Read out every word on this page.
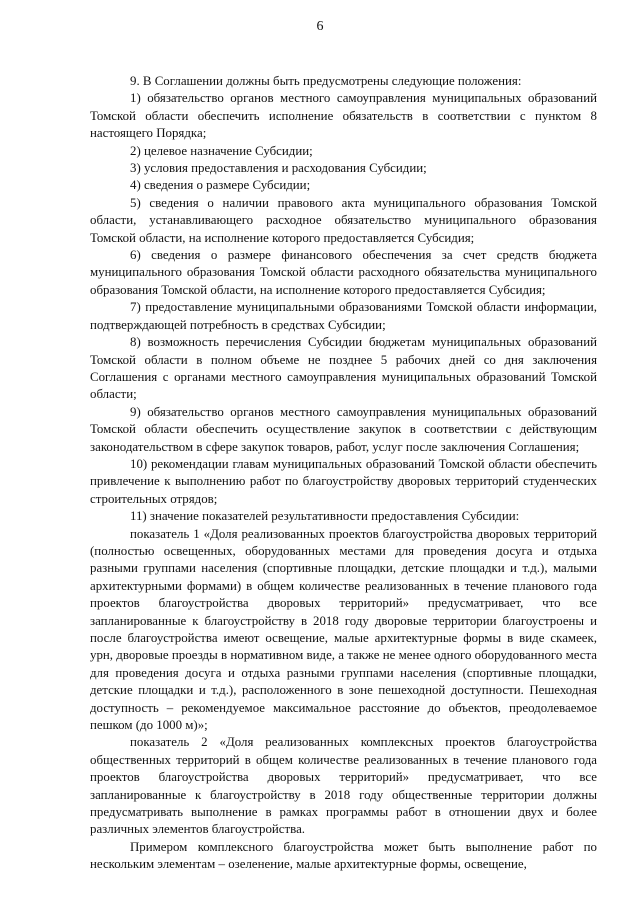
6

9. В Соглашении должны быть предусмотрены следующие положения:

1) обязательство органов местного самоуправления муниципальных образований Томской области обеспечить исполнение обязательств в соответствии с пунктом 8 настоящего Порядка;

2) целевое назначение Субсидии;

3) условия предоставления и расходования Субсидии;

4) сведения о размере Субсидии;

5) сведения о наличии правового акта муниципального образования Томской области, устанавливающего расходное обязательство муниципального образования Томской области, на исполнение которого предоставляется Субсидия;

6) сведения о размере финансового обеспечения за счет средств бюджета муниципального образования Томской области расходного обязательства муниципального образования Томской области, на исполнение которого предоставляется Субсидия;

7) предоставление муниципальными образованиями Томской области информации, подтверждающей потребность в средствах Субсидии;

8) возможность перечисления Субсидии бюджетам муниципальных образований Томской области в полном объеме не позднее 5 рабочих дней со дня заключения Соглашения с органами местного самоуправления муниципальных образований Томской области;

9) обязательство органов местного самоуправления муниципальных образований Томской области обеспечить осуществление закупок в соответствии с действующим законодательством в сфере закупок товаров, работ, услуг после заключения Соглашения;

10) рекомендации главам муниципальных образований Томской области обеспечить привлечение к выполнению работ по благоустройству дворовых территорий студенческих строительных отрядов;

11) значение показателей результативности предоставления Субсидии:

показатель 1 «Доля реализованных проектов благоустройства дворовых территорий (полностью освещенных, оборудованных местами для проведения досуга и отдыха разными группами населения (спортивные площадки, детские площадки и т.д.), малыми архитектурными формами) в общем количестве реализованных в течение планового года проектов благоустройства дворовых территорий» предусматривает, что все запланированные к благоустройству в 2018 году дворовые территории благоустроены и после благоустройства имеют освещение, малые архитектурные формы в виде скамеек, урн, дворовые проезды в нормативном виде, а также не менее одного оборудованного места для проведения досуга и отдыха разными группами населения (спортивные площадки, детские площадки и т.д.), расположенного в зоне пешеходной доступности. Пешеходная доступность – рекомендуемое максимальное расстояние до объектов, преодолеваемое пешком (до 1000 м)»;

показатель 2 «Доля реализованных комплексных проектов благоустройства общественных территорий в общем количестве реализованных в течение планового года проектов благоустройства дворовых территорий» предусматривает, что все запланированные к благоустройству в 2018 году общественные территории должны предусматривать выполнение в рамках программы работ в отношении двух и более различных элементов благоустройства.

Примером комплексного благоустройства может быть выполнение работ по нескольким элементам – озеленение, малые архитектурные формы, освещение,
